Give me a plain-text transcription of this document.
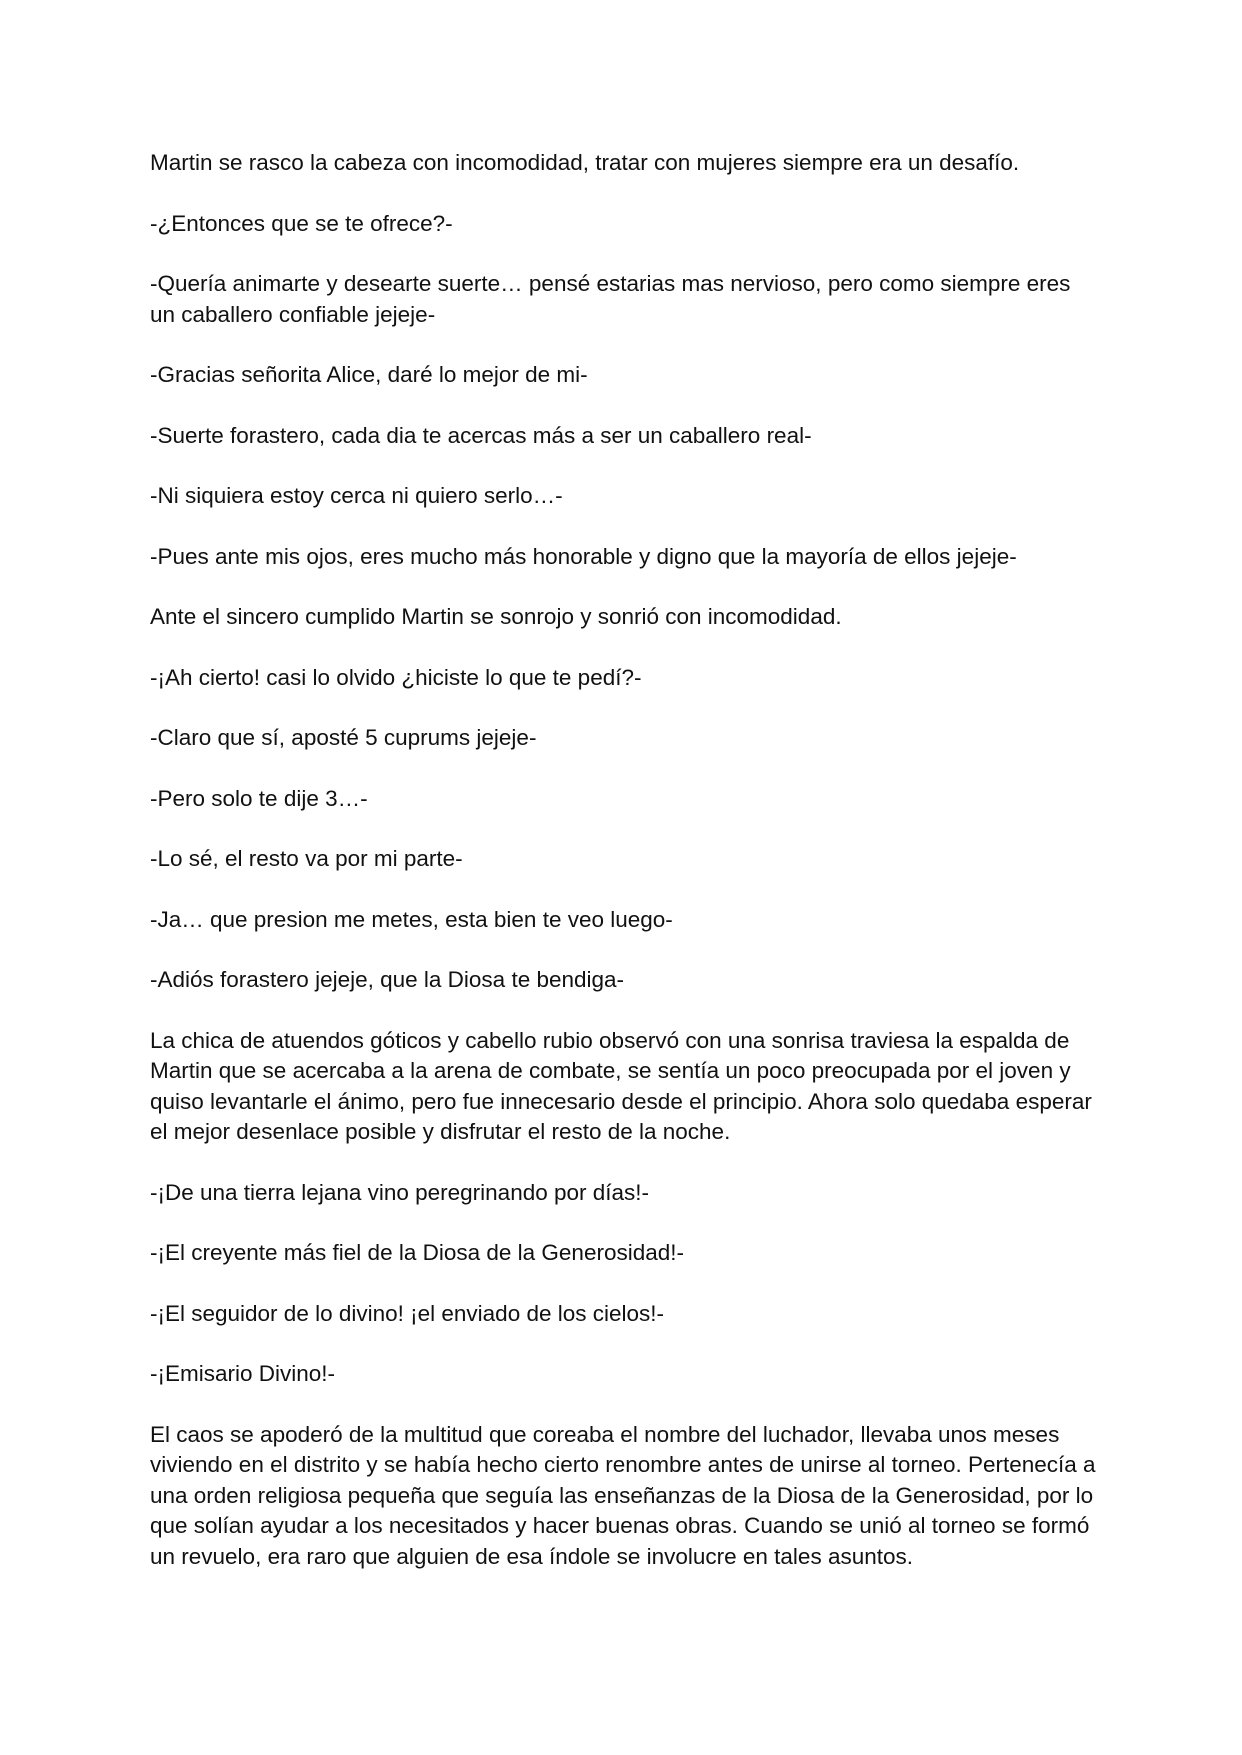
Martin se rasco la cabeza con incomodidad, tratar con mujeres siempre era un desafío.

-¿Entonces que se te ofrece?-

-Quería animarte y desearte suerte… pensé estarias mas nervioso, pero como siempre eres un caballero confiable jejeje-

-Gracias señorita Alice, daré lo mejor de mi-

-Suerte forastero, cada dia te acercas más a ser un caballero real-

-Ni siquiera estoy cerca ni quiero serlo…-

-Pues ante mis ojos, eres mucho más honorable y digno que la mayoría de ellos jejeje-

Ante el sincero cumplido Martin se sonrojo y sonrió con incomodidad.

-¡Ah cierto! casi lo olvido ¿hiciste lo que te pedí?-

-Claro que sí, aposté 5 cuprums jejeje-

-Pero solo te dije 3…-

-Lo sé, el resto va por mi parte-

-Ja… que presion me metes, esta bien te veo luego-

-Adiós forastero jejeje, que la Diosa te bendiga-

La chica de atuendos góticos y cabello rubio observó con una sonrisa traviesa la espalda de Martin que se acercaba a la arena de combate, se sentía un poco preocupada por el joven y quiso levantarle el ánimo, pero fue innecesario desde el principio. Ahora solo quedaba esperar el mejor desenlace posible y disfrutar el resto de la noche.

-¡De una tierra lejana vino peregrinando por días!-

-¡El creyente más fiel de la Diosa de la Generosidad!-

-¡El seguidor de lo divino! ¡el enviado de los cielos!-

-¡Emisario Divino!-

El caos se apoderó de la multitud que coreaba el nombre del luchador, llevaba unos meses viviendo en el distrito y se había hecho cierto renombre antes de unirse al torneo. Pertenecía a una orden religiosa pequeña que seguía las enseñanzas de la Diosa de la Generosidad, por lo que solían ayudar a los necesitados y hacer buenas obras. Cuando se unió al torneo se formó un revuelo, era raro que alguien de esa índole se involucre en tales asuntos.
